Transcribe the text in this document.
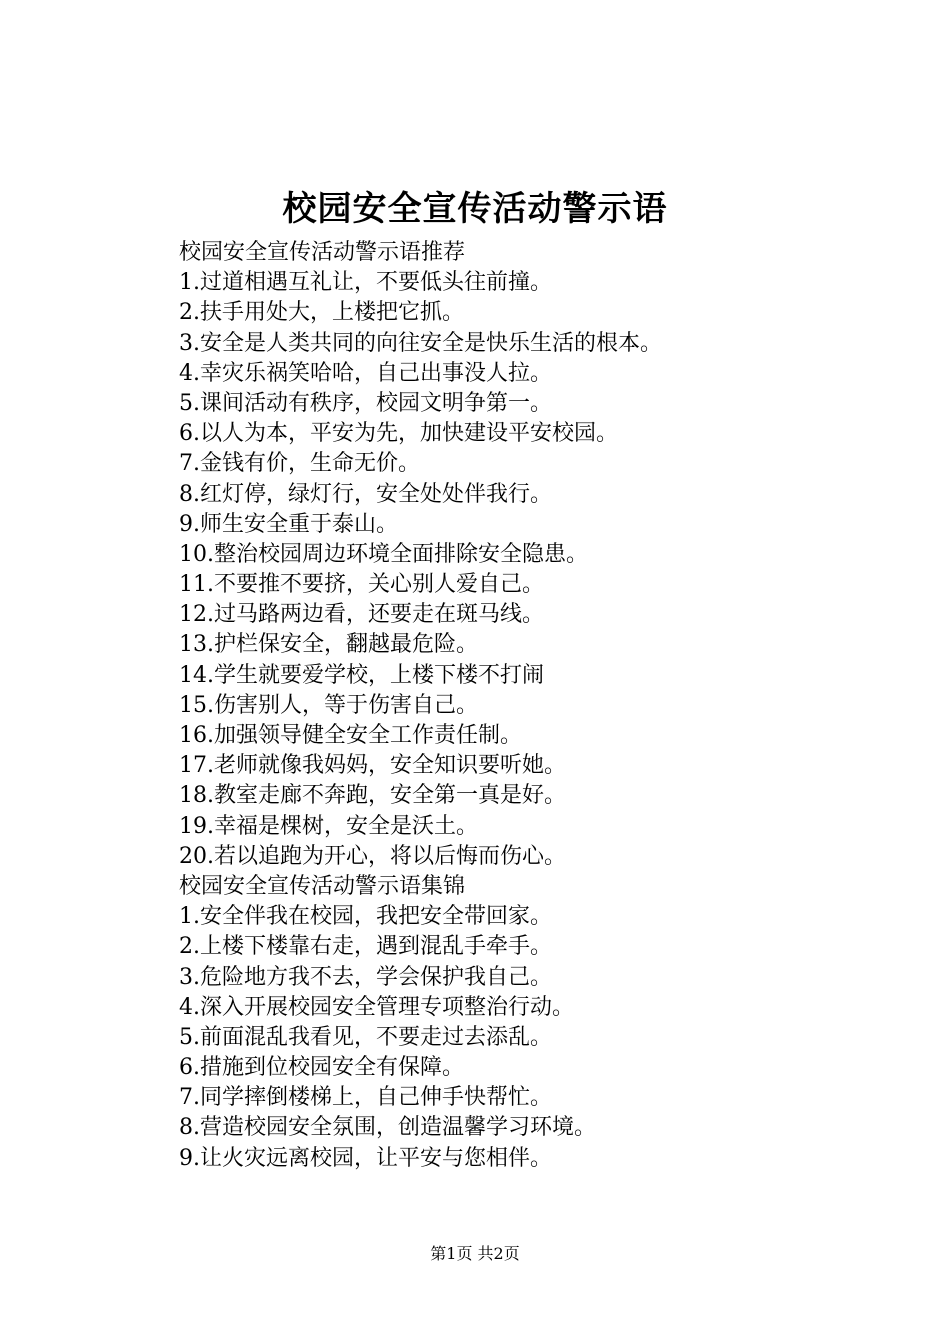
校园安全宣传活动警示语
校园安全宣传活动警示语推荐
1.过道相遇互礼让，不要低头往前撞。
2.扶手用处大，上楼把它抓。
3.安全是人类共同的向往安全是快乐生活的根本。
4.幸灾乐祸笑哈哈，自己出事没人拉。
5.课间活动有秩序，校园文明争第一。
6.以人为本，平安为先，加快建设平安校园。
7.金钱有价，生命无价。
8.红灯停，绿灯行，安全处处伴我行。
9.师生安全重于泰山。
10.整治校园周边环境全面排除安全隐患。
11.不要推不要挤，关心别人爱自己。
12.过马路两边看，还要走在斑马线。
13.护栏保安全，翻越最危险。
14.学生就要爱学校，上楼下楼不打闹
15.伤害别人，等于伤害自己。
16.加强领导健全安全工作责任制。
17.老师就像我妈妈，安全知识要听她。
18.教室走廊不奔跑，安全第一真是好。
19.幸福是棵树，安全是沃土。
20.若以追跑为开心，将以后悔而伤心。
校园安全宣传活动警示语集锦
1.安全伴我在校园，我把安全带回家。
2.上楼下楼靠右走，遇到混乱手牵手。
3.危险地方我不去，学会保护我自己。
4.深入开展校园安全管理专项整治行动。
5.前面混乱我看见，不要走过去添乱。
6.措施到位校园安全有保障。
7.同学摔倒楼梯上，自己伸手快帮忙。
8.营造校园安全氛围，创造温馨学习环境。
9.让火灾远离校园，让平安与您相伴。
第1页 共2页
